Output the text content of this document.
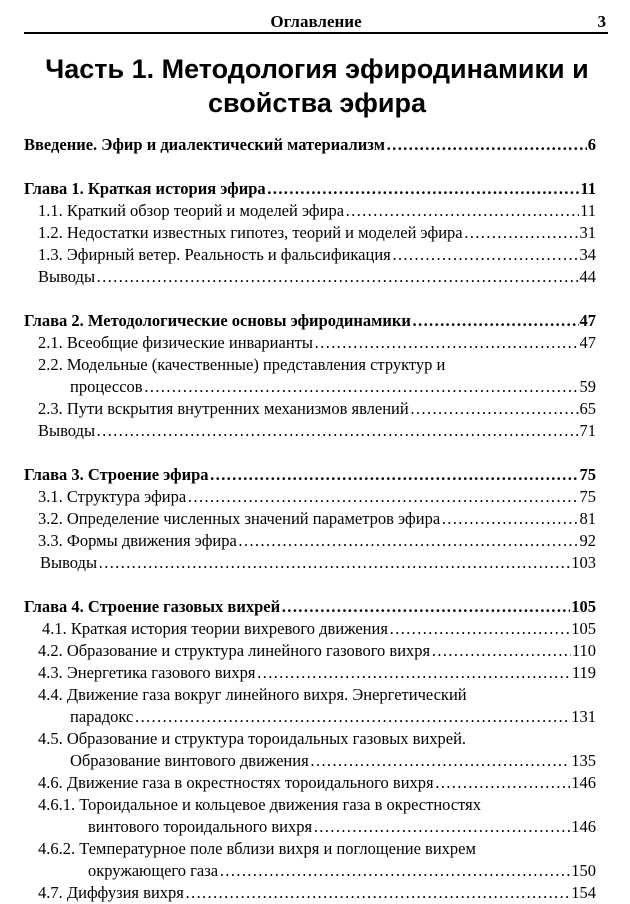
Оглавление	3
Часть 1. Методология эфиродинамики и
свойства эфира
Введение. Эфир и диалектический материализм …………………………………………………………………………………………………………………………………	6
Глава 1. Краткая история эфира …………………………………………………………………………………………………………………………………	11
1.1. Краткий обзор теорий и моделей эфира …………………………………………………………………………………………………………………………………	11
1.2. Недостатки известных гипотез, теорий и моделей эфира …………………………………………………………………………………………………………………………………	31
1.3. Эфирный ветер. Реальность и фальсификация …………………………………………………………………………………………………………………………………	34
Выводы …………………………………………………………………………………………………………………………………	44
Глава 2. Методологические основы эфиродинамики …………………………………………………………………………………………………………………………………	47
2.1. Всеобщие физические инварианты …………………………………………………………………………………………………………………………………	47
2.2. Модельные (качественные) представления структур и
процессов …………………………………………………………………………………………………………………………………	59
2.3. Пути вскрытия внутренних механизмов явлений …………………………………………………………………………………………………………………………………	65
Выводы …………………………………………………………………………………………………………………………………	71
Глава 3. Строение эфира …………………………………………………………………………………………………………………………………	75
3.1. Структура эфира …………………………………………………………………………………………………………………………………	75
3.2. Определение численных значений параметров эфира …………………………………………………………………………………………………………………………………	81
3.3. Формы движения эфира …………………………………………………………………………………………………………………………………	92
Выводы …………………………………………………………………………………………………………………………………	103
Глава 4. Строение газовых вихрей …………………………………………………………………………………………………………………………………	105
4.1. Краткая история теории вихревого движения …………………………………………………………………………………………………………………………………	105
4.2. Образование и структура линейного газового вихря …………………………………………………………………………………………………………………………………	110
4.3. Энергетика газового вихря …………………………………………………………………………………………………………………………………	119
4.4. Движение газа вокруг линейного вихря. Энергетический
парадокс …………………………………………………………………………………………………………………………………	131
4.5. Образование и структура тороидальных газовых вихрей.
Образование винтового движения …………………………………………………………………………………………………………………………………	135
4.6. Движение газа в окрестностях тороидального вихря …………………………………………………………………………………………………………………………………	146
4.6.1. Тороидальное и кольцевое движения газа в окрестностях
винтового тороидального вихря …………………………………………………………………………………………………………………………………	146
4.6.2. Температурное поле вблизи вихря и поглощение вихрем
окружающего газа …………………………………………………………………………………………………………………………………	150
4.7. Диффузия вихря …………………………………………………………………………………………………………………………………	154
